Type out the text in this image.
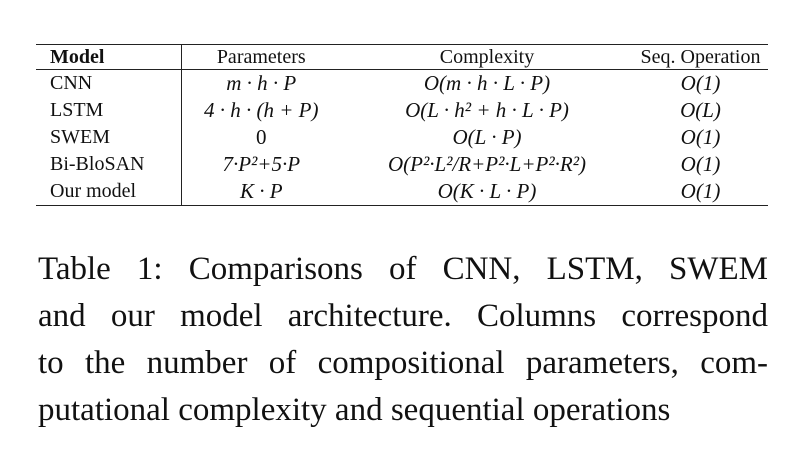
Model	Parameters	Complexity	Seq. Operation
CNN	m · h · P	O(m · h · L · P)	O(1)
LSTM	4 · h · (h + P)	O(L · h² + h · L · P)	O(L)
SWEM	0	O(L · P)	O(1)
Bi-BloSAN	7·P²+5·P	O(P²·L²/R+P²·L+P²·R²)	O(1)
Our model	K · P	O(K · L · P)	O(1)

Table 1: Comparisons of CNN, LSTM, SWEM
and our model architecture. Columns correspond
to the number of compositional parameters, com-
putational complexity and sequential operations
